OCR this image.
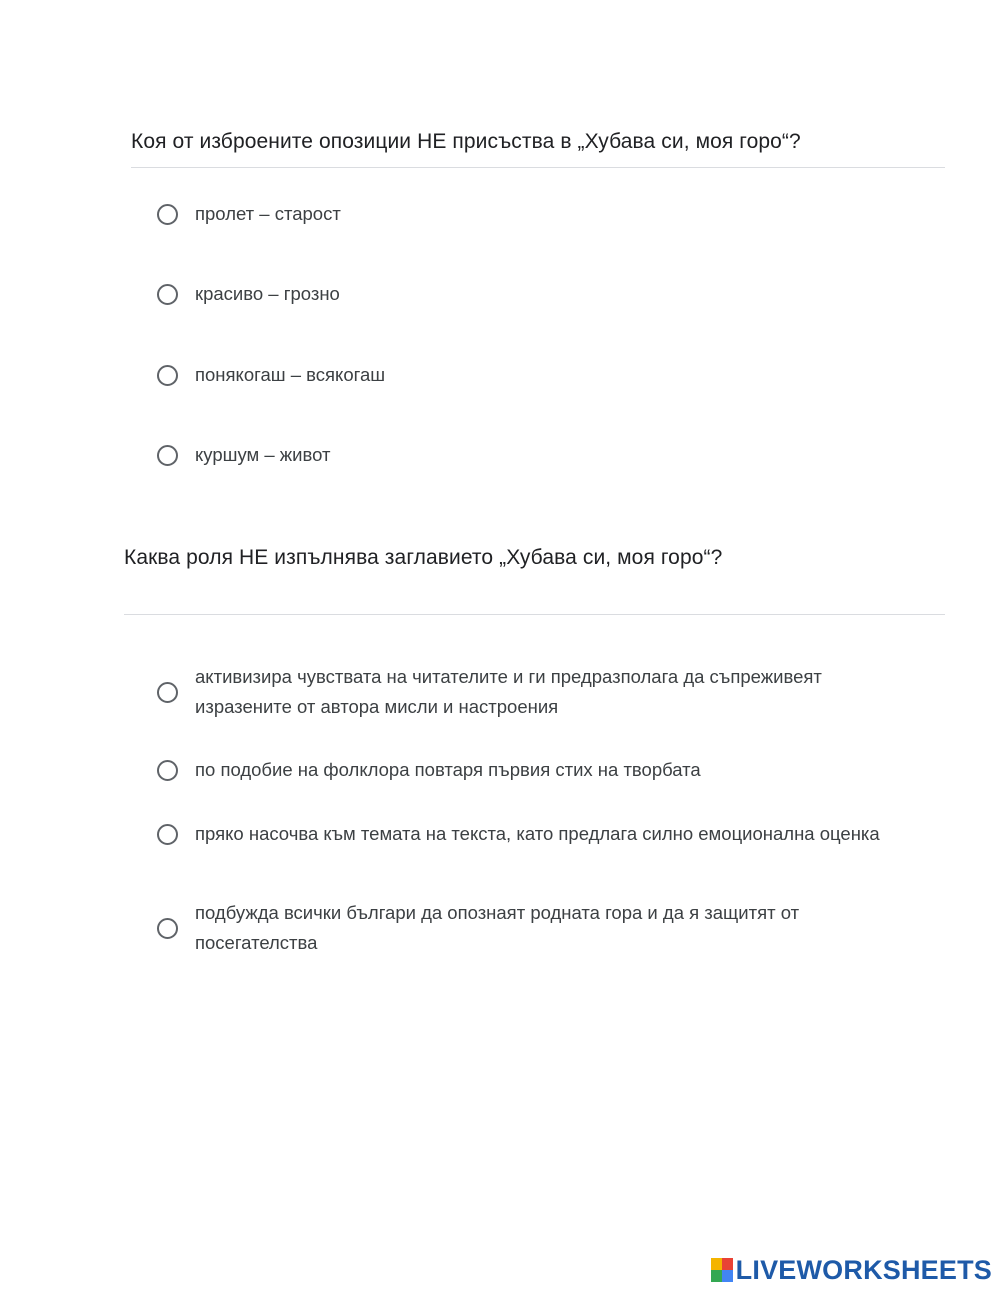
Коя от изброените опозиции НЕ присъства в „Хубава си, моя горо“?
пролет – старост
красиво – грозно
понякогаш – всякогаш
куршум – живот
Каква роля НЕ изпълнява заглавието „Хубава си, моя горо“?
активизира чувствата на читателите и ги предразполага да съпреживеят изразените от автора мисли и настроения
по подобие на фолклора повтаря първия стих на творбата
пряко насочва към темата на текста, като предлага силно емоционална оценка
подбужда всички българи да опознаят родната гора и да я защитят от посегателства
LIVEWORKSHEETS
